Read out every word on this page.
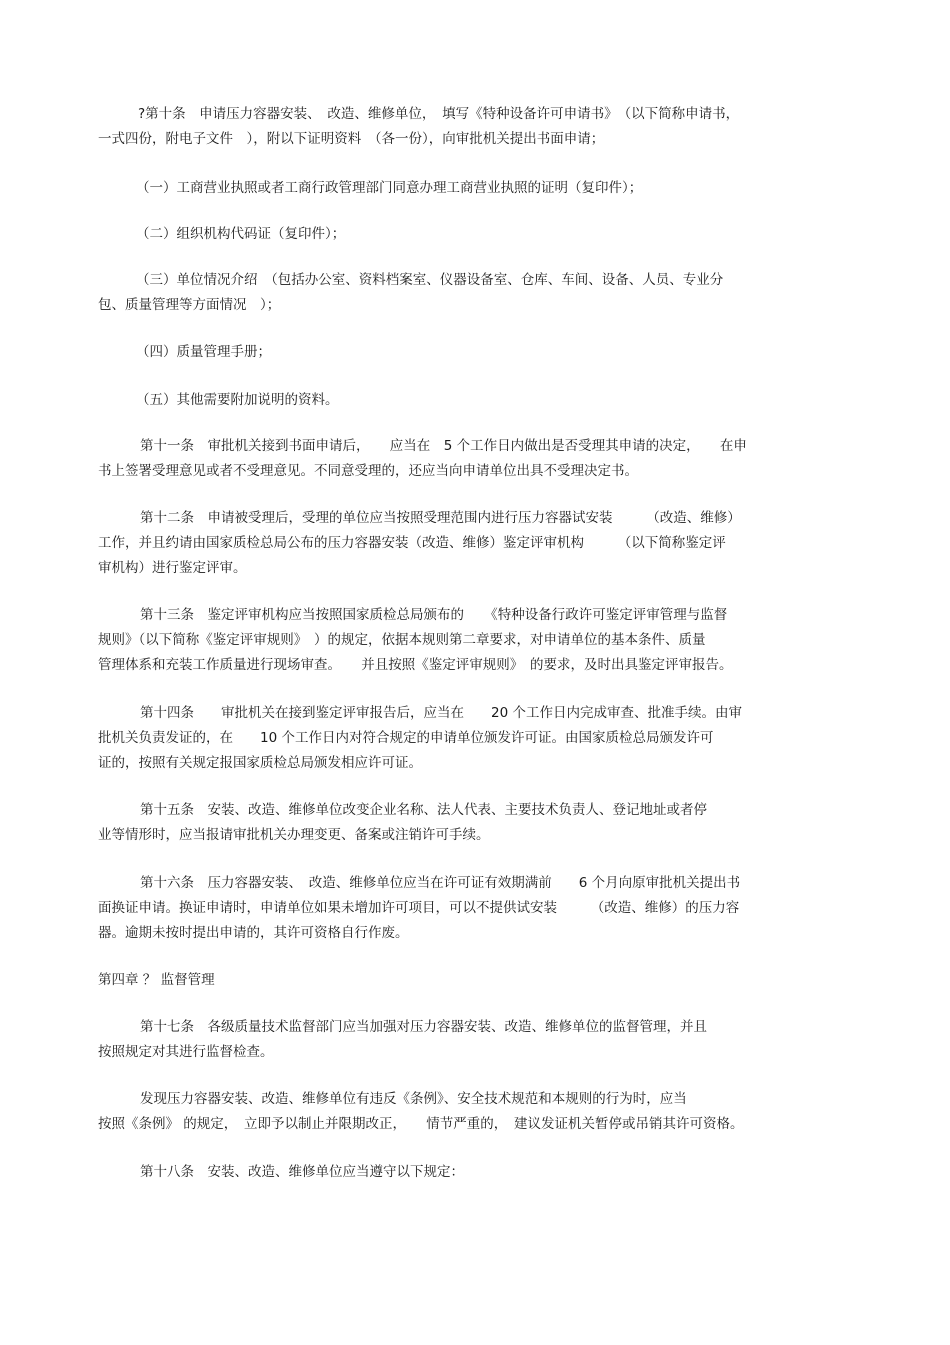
?第十条　申请压力容器安装、　改造、维修单位，　填写《特种设备许可申请书》　（以下简称申请书，
一式四份，附电子文件　），附以下证明资料　（各一份），向审批机关提出书面申请；
（一）工商营业执照或者工商行政管理部门同意办理工商营业执照的证明（复印件）；
（二）组织机构代码证（复印件）；
（三）单位情况介绍　（包括办公室、资料档案室、仪器设备室、仓库、车间、设备、人员、专业分
包、质量管理等方面情况　）；
（四）质量管理手册；
（五）其他需要附加说明的资料。
第十一条　审批机关接到书面申请后，　　应当在　5 个工作日内做出是否受理其申请的决定，　　在申
书上签署受理意见或者不受理意见。不同意受理的，还应当向申请单位出具不受理决定书。
第十二条　申请被受理后，受理的单位应当按照受理范围内进行压力容器试安装　　　（改造、维修）
工作，并且约请由国家质检总局公布的压力容器安装（改造、维修）鉴定评审机构　　　（以下简称鉴定评
审机构）进行鉴定评审。
第十三条　鉴定评审机构应当按照国家质检总局颁布的　　《特种设备行政许可鉴定评审管理与监督
规则》（以下简称《鉴定评审规则》　）的规定，依据本规则第二章要求，对申请单位的基本条件、质量
管理体系和充装工作质量进行现场审查。　　并且按照《鉴定评审规则》　的要求，及时出具鉴定评审报告。
第十四条　　审批机关在接到鉴定评审报告后，应当在　　20 个工作日内完成审查、批准手续。由审
批机关负责发证的，在　　10 个工作日内对符合规定的申请单位颁发许可证。由国家质检总局颁发许可
证的，按照有关规定报国家质检总局颁发相应许可证。
第十五条　安装、改造、维修单位改变企业名称、法人代表、主要技术负责人、登记地址或者停
业等情形时，应当报请审批机关办理变更、备案或注销许可手续。
第十六条　压力容器安装、　改造、维修单位应当在许可证有效期满前　　6 个月向原审批机关提出书
面换证申请。换证申请时，申请单位如果未增加许可项目，可以不提供试安装　　　（改造、维修）的压力容
器。逾期未按时提出申请的，其许可资格自行作废。
第四章 ？ 监督管理
第十七条　各级质量技术监督部门应当加强对压力容器安装、改造、维修单位的监督管理，并且
按照规定对其进行监督检查。
发现压力容器安装、改造、维修单位有违反《条例》、安全技术规范和本规则的行为时，应当
按照《条例》 的规定，　立即予以制止并限期改正，　　情节严重的，　建议发证机关暂停或吊销其许可资格。
第十八条　安装、改造、维修单位应当遵守以下规定：
